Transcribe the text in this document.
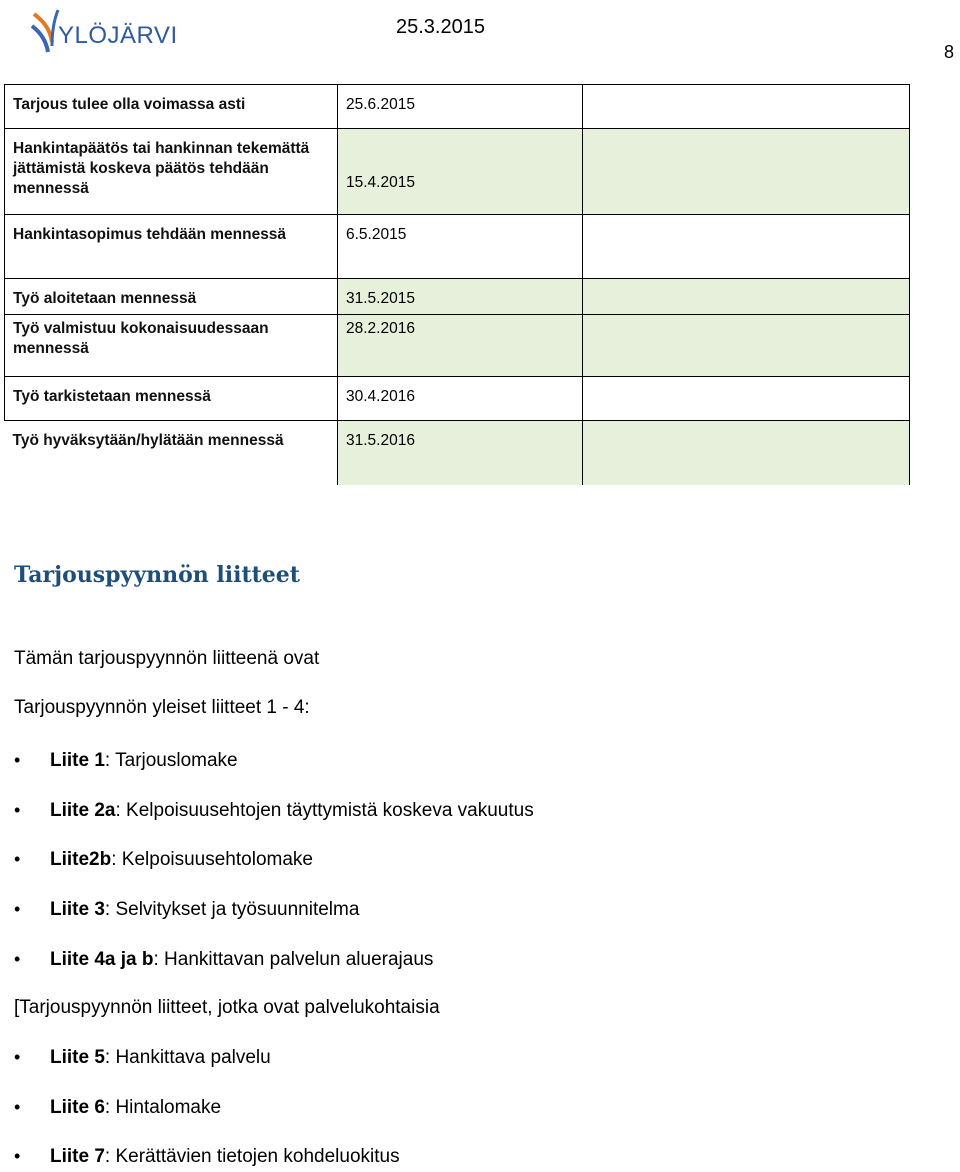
YLÖJÄRVI	25.3.2015
8
Tarjous tulee olla voimassa asti	25.6.2015	
Hankintapäätös tai hankinnan tekemättä jättämistä koskeva päätös tehdään mennessä	15.4.2015	
Hankintasopimus tehdään mennessä	6.5.2015	
Työ aloitetaan mennessä	31.5.2015	
Työ valmistuu kokonaisuudessaan mennessä	28.2.2016	
Työ tarkistetaan mennessä	30.4.2016	
Työ hyväksytään/hylätään mennessä	31.5.2016	
Tarjouspyynnön liitteet
Tämän tarjouspyynnön liitteenä ovat
Tarjouspyynnön yleiset liitteet 1 - 4:
• Liite 1: Tarjouslomake
• Liite 2a: Kelpoisuusehtojen täyttymistä koskeva vakuutus
• Liite2b: Kelpoisuusehtolomake
• Liite 3: Selvitykset ja työsuunnitelma
• Liite 4a ja b: Hankittavan palvelun aluerajaus
[Tarjouspyynnön liitteet, jotka ovat palvelukohtaisia
• Liite 5: Hankittava palvelu
• Liite 6: Hintalomake
• Liite 7: Kerättävien tietojen kohdeluokitus
